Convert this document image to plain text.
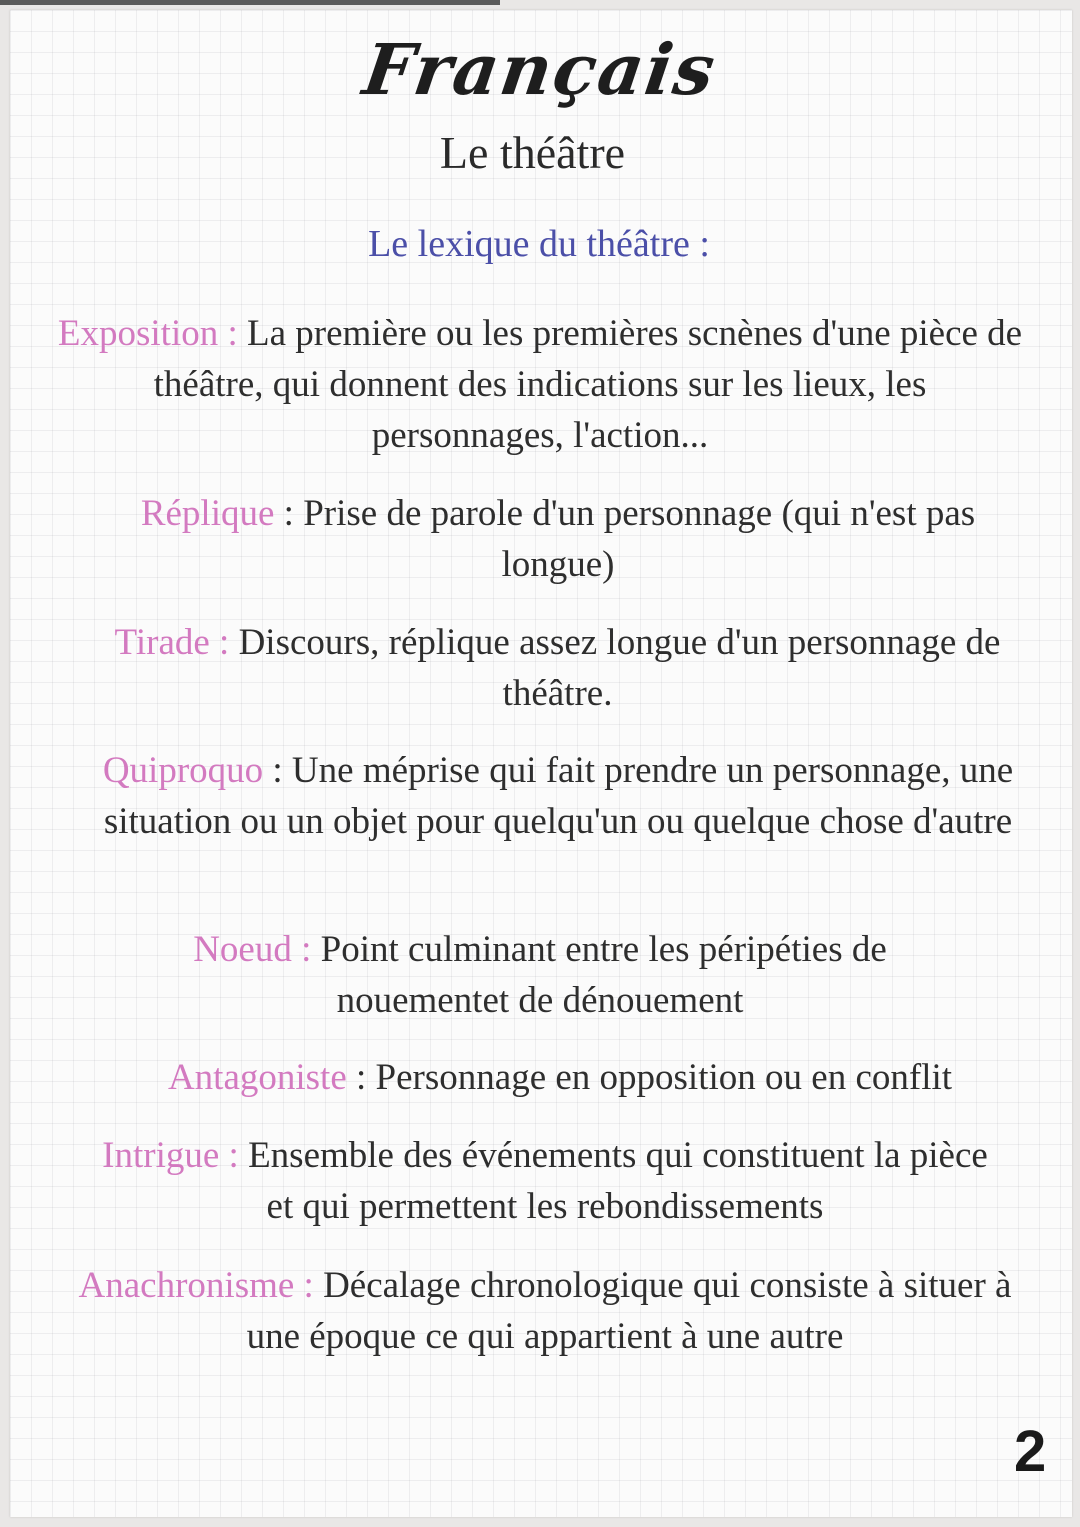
Français
Le théâtre
Le lexique du théâtre :
Exposition : La première ou les premières scnènes d'une pièce de théâtre, qui donnent des indications sur les lieux, les personnages, l'action...
Réplique : Prise de parole d'un personnage (qui n'est pas longue)
Tirade : Discours, réplique assez longue d'un personnage de théâtre.
Quiproquo : Une méprise qui fait prendre un personnage, une situation ou un objet pour quelqu'un ou quelque chose d'autre
Noeud : Point culminant entre les péripéties de nouementet de dénouement
Antagoniste : Personnage en opposition ou en conflit
Intrigue : Ensemble des événements qui constituent la pièce et qui permettent les rebondissements
Anachronisme : Décalage chronologique qui consiste à situer à une époque ce qui appartient à une autre
2
